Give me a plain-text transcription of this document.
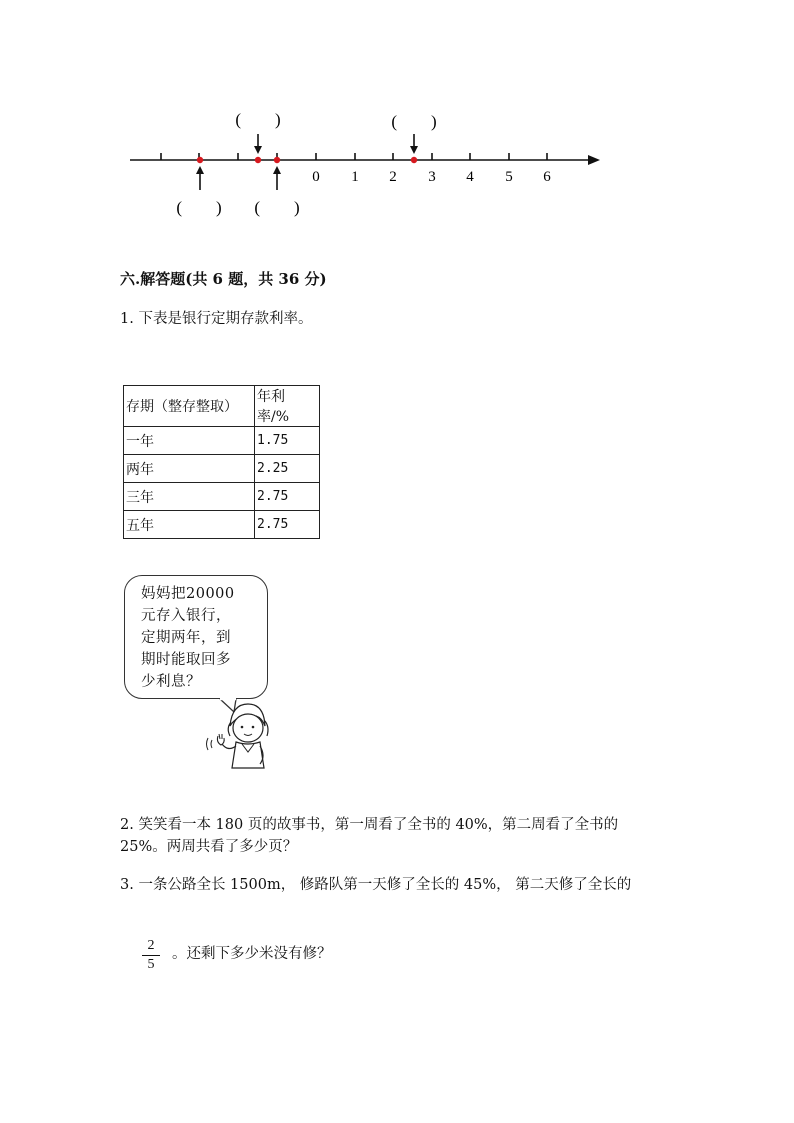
0 1 2 3 4 5 6
(　　)	(　　)
(　　) (　　)
六.解答题(共 6 题，共 36 分)
1. 下表是银行定期存款利率。
存期（整存整取）	年利率/%
一年	1.75
两年	2.25
三年	2.75
五年	2.75
妈妈把20000
元存入银行，
定期两年，到
期时能取回多
少利息？
2. 笑笑看一本 180 页的故事书，第一周看了全书的 40%，第二周看了全书的
25%。两周共看了多少页？
3. 一条公路全长 1500m， 修路队第一天修了全长的 45%， 第二天修了全长的
2
5
。还剩下多少米没有修？
